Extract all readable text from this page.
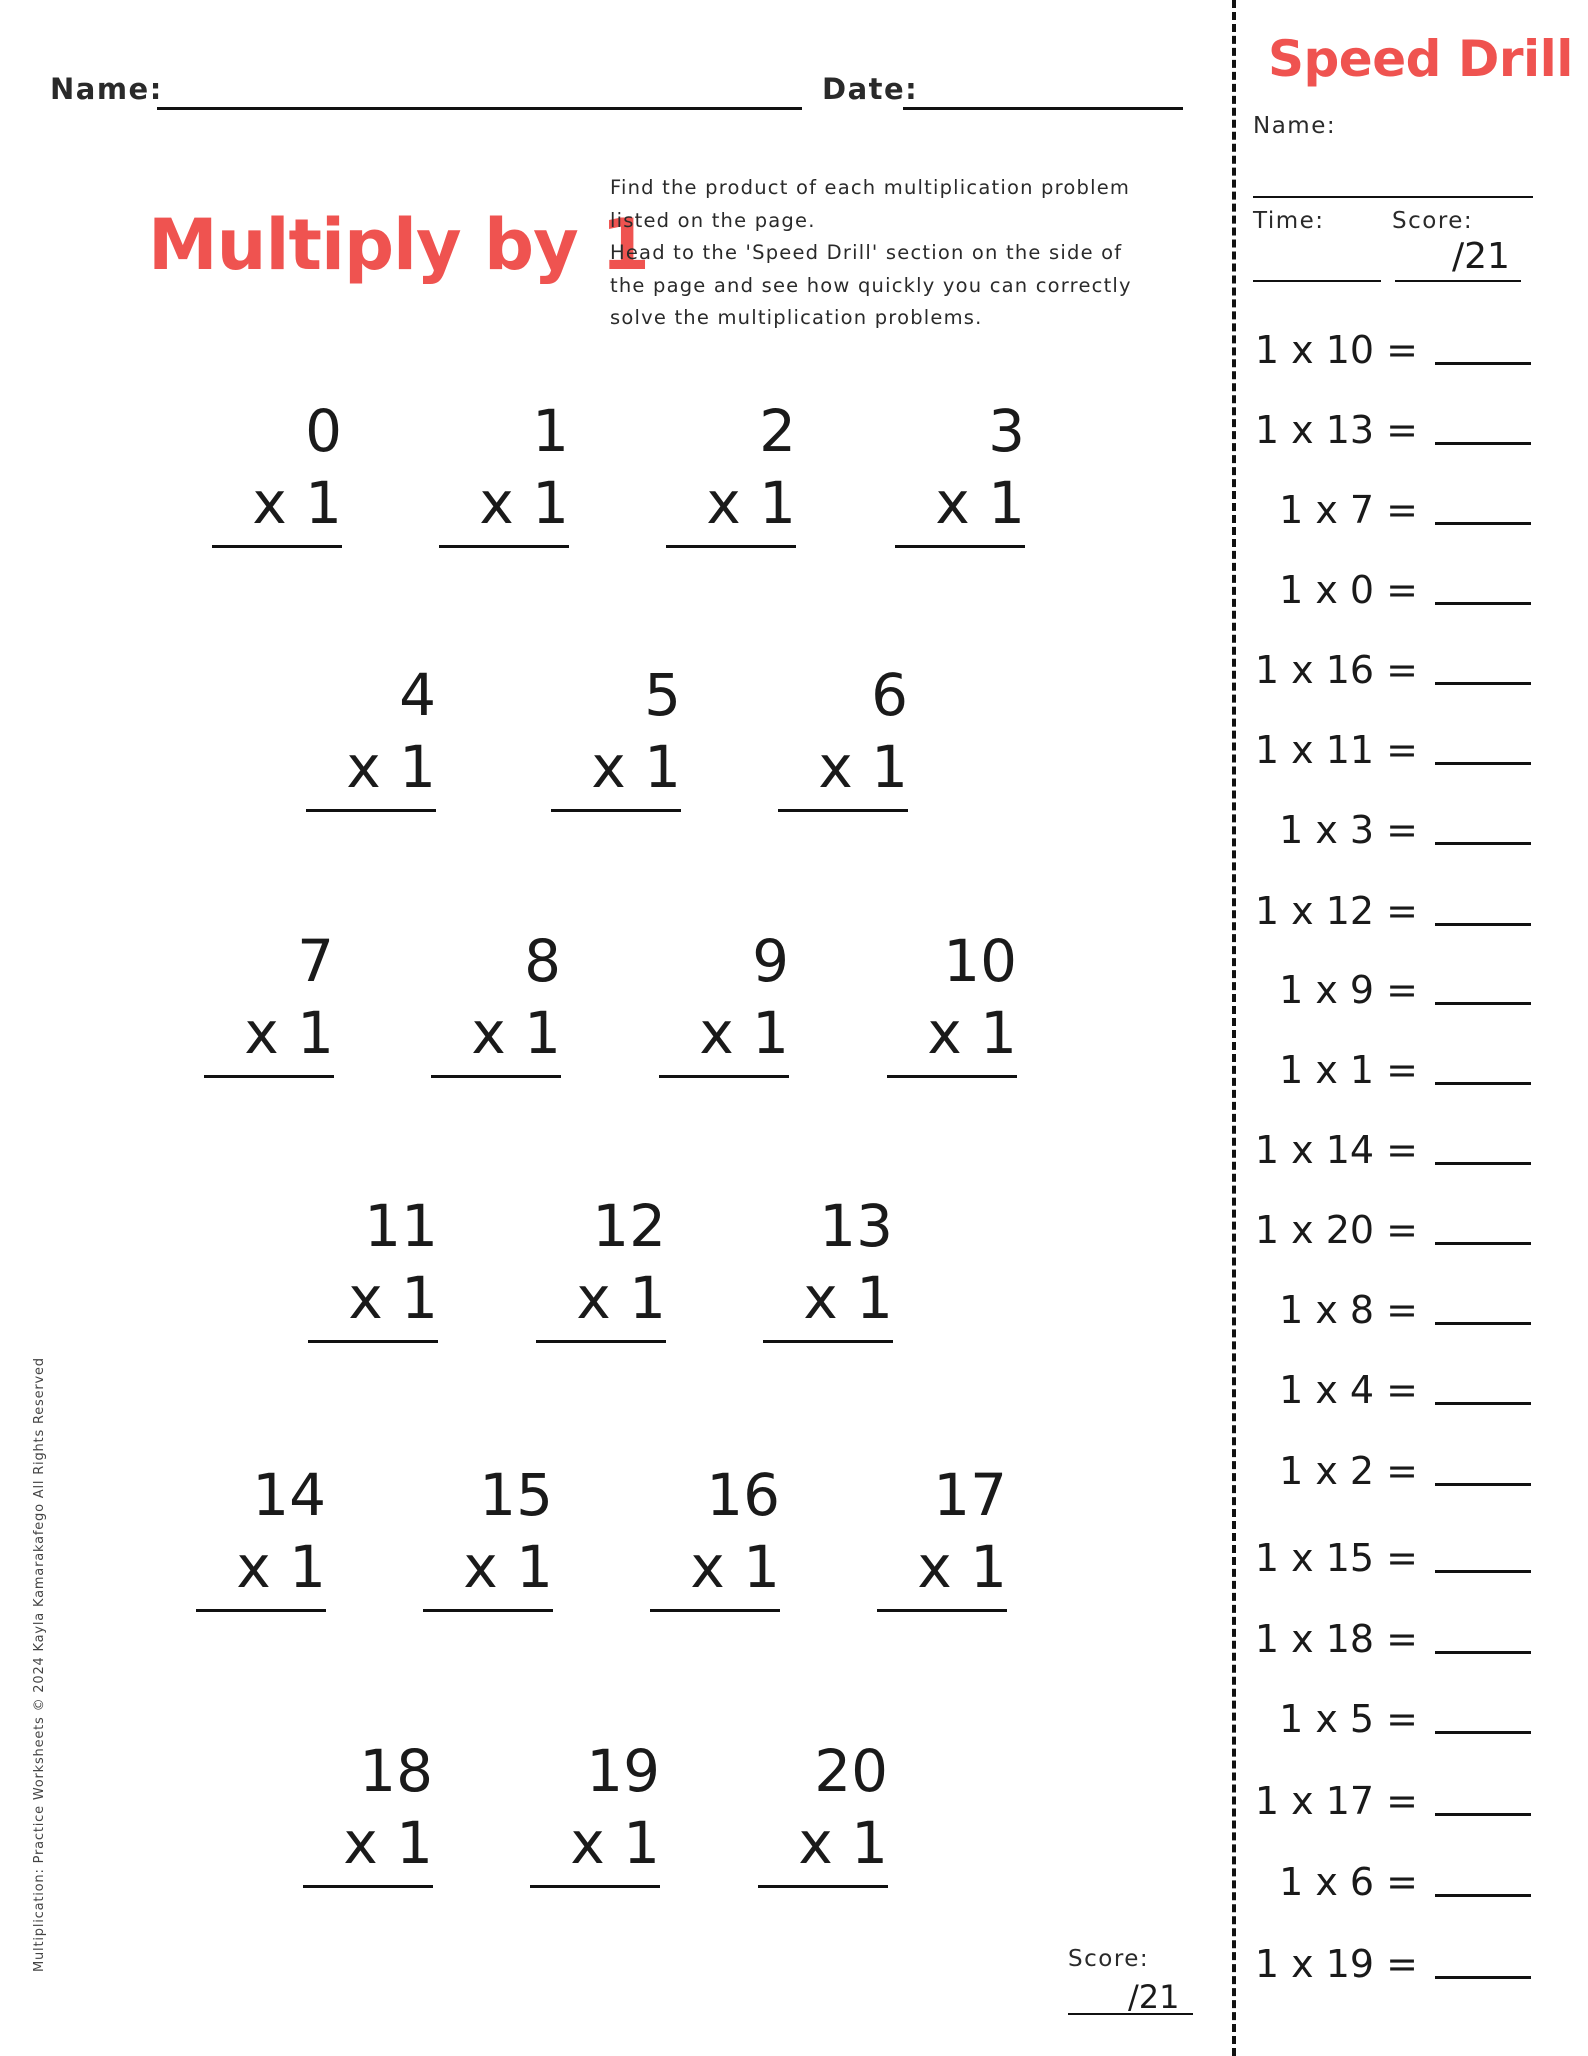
Name:	Date:
Multiply by 1

Find the product of each multiplication problem

listed on the page.

Head to the 'Speed Drill' section on the side of

the page and see how quickly you can correctly

solve the multiplication problems.

0
x 1
1
x 1
2
x 1
3
x 1
4
x 1
5
x 1
6
x 1
7
x 1
8
x 1
9
x 1
10
x 1
11
x 1
12
x 1
13
x 1
14
x 1
15
x 1
16
x 1
17
x 1
18
x 1
19
x 1
20
x 1
Score:
/21
Multiplication: Practice Worksheets © 2024 Kayla Kamarakafego All Rights Reserved
Speed Drill
Name:
Time:	Score:
/21
1 x 10 =
1 x 13 =
1 x 7 =
1 x 0 =
1 x 16 =
1 x 11 =
1 x 3 =
1 x 12 =
1 x 9 =
1 x 1 =
1 x 14 =
1 x 20 =
1 x 8 =
1 x 4 =
1 x 2 =
1 x 15 =
1 x 18 =
1 x 5 =
1 x 17 =
1 x 6 =
1 x 19 =
